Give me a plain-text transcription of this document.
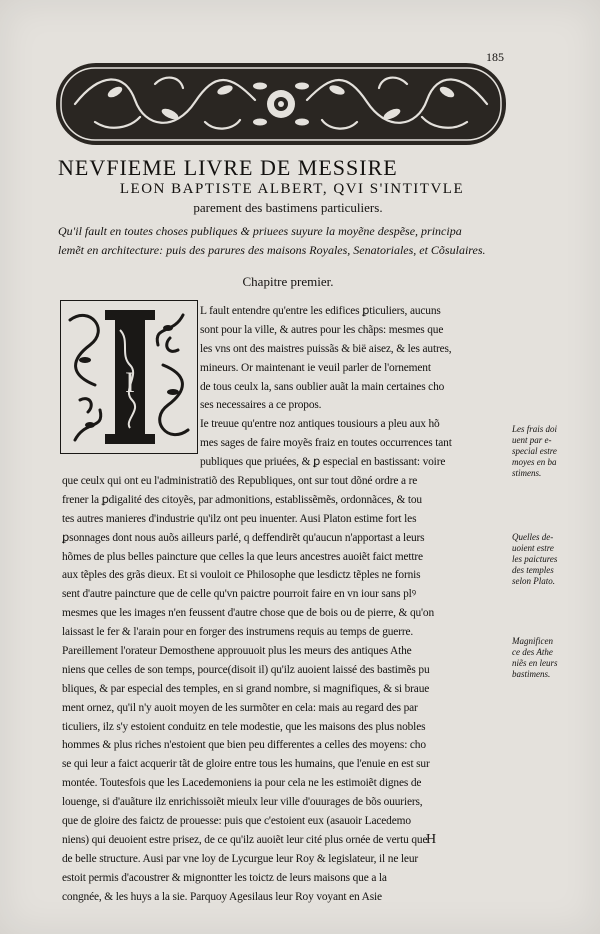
185
NEVFIEME LIVRE DE MESSIRE
LEON BAPTISTE ALBERT, QVI S'INTITVLE
parement des bastimens particuliers.
Qu'il fault en toutes choses publiques & priuees suyure la moyẽne despẽse, principa
lemẽt en architecture: puis des parures des maisons Royales, Senatoriales, et Cõsulaires.
Chapitre premier.
I
L fault entendre qu'entre les edifices ꝑticuliers, aucuns
sont pour la ville, & autres pour les chãps: mesmes que
les vns ont des maistres puissãs & bië aisez, & les autres,
mineurs. Or maintenant ie veuil parler de l'ornement
de tous ceulx la, sans oublier auãt la main certaines cho
ses necessaires a ce propos.
Ie treuue qu'entre noz antiques tousiours a pleu aux hõ
mes sages de faire moyẽs fraiz en toutes occurrences tant
publiques que priuées, & ꝑ especial en bastissant: voire
que ceulx qui ont eu l'administratiõ des Republiques, ont sur tout dõné ordre a re
frener la ꝑdigalité des citoyẽs, par admonitions, establissẽmẽs, ordonnãces, & tou
tes autres manieres d'industrie qu'ilz ont peu inuenter. Ausi Platon estime fort les
ꝑsonnages dont nous auõs ailleurs parlé, q deffendirẽt qu'aucun n'apportast a leurs
hõmes de plus belles paincture que celles la que leurs ancestres auoiẽt faict mettre
aux tẽples des grãs dieux. Et si vouloit ce Philosophe que lesdictz tẽples ne fornis
sent d'autre paincture que de celle qu'vn paictre pourroit faire en vn iour sans plꝰ
mesmes que les images n'en feussent d'autre chose que de bois ou de pierre, & qu'on
laissast le fer & l'arain pour en forger des instrumens requis au temps de guerre.
Pareillement l'orateur Demosthene approuuoit plus les meurs des antiques Athe
niens que celles de son temps, pource(disoit il) qu'ilz auoient laissé des bastimẽs pu
bliques, & par especial des temples, en si grand nombre, si magnifiques, & si braue
ment ornez, qu'il n'y auoit moyen de les surmõter en cela: mais au regard des par
ticuliers, ilz s'y estoient conduitz en tele modestie, que les maisons des plus nobles
hommes & plus riches n'estoient que bien peu differentes a celles des moyens: cho
se qui leur a faict acquerir tãt de gloire entre tous les humains, que l'enuie en est sur
montée. Toutesfois que les Lacedemoniens ia pour cela ne les estimoiẽt dignes de
louenge, si d'auãture ilz enrichissoiẽt mieulx leur ville d'ouurages de bõs ouuriers,
que de gloire des faictz de prouesse: puis que c'estoient eux (asauoir Lacedemo
niens) qui deuoient estre prisez, de ce qu'ilz auoiẽt leur cité plus ornée de vertu que
de belle structure. Ausi par vne loy de Lycurgue leur Roy & legislateur, il ne leur
estoit permis d'acoustrer & mignontter les toictz de leurs maisons que a la
congnée, & les huys a la sie. Parquoy Agesilaus leur Roy voyant en Asie
Les frais doi
uent par e-
special estre
moyes en ba
stimens.
Quelles de-
uoient estre
les paictures
des temples
selon Plato.
Magnificen
ce des Athe
niẽs en leurs
bastimens.
H
